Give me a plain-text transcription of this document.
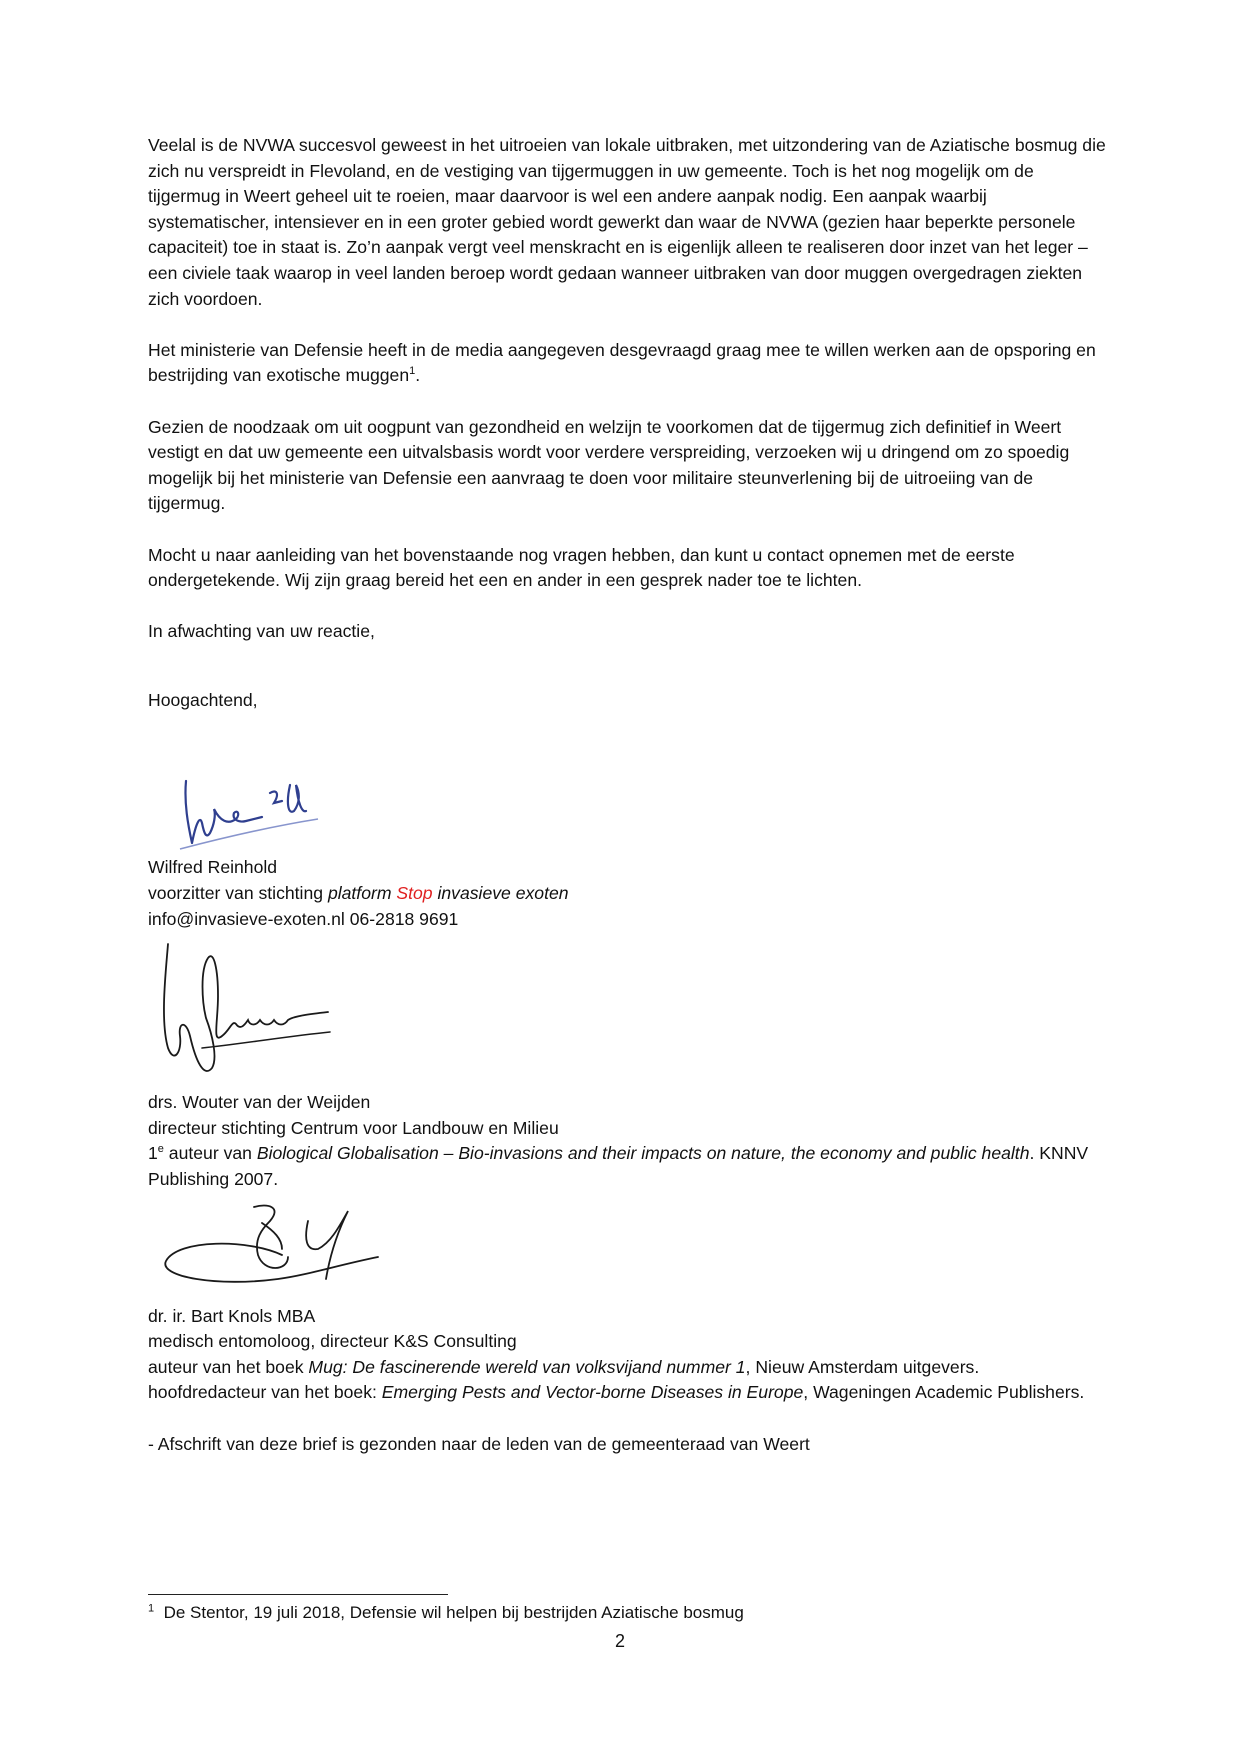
Veelal is de NVWA succesvol geweest in het uitroeien van lokale uitbraken, met uitzondering van de Aziatische bosmug die zich nu verspreidt in Flevoland, en de vestiging van tijgermuggen in uw gemeente. Toch is het nog mogelijk om de tijgermug in Weert geheel uit te roeien, maar daarvoor is wel een andere aanpak nodig. Een aanpak waarbij systematischer, intensiever en in een groter gebied wordt gewerkt dan waar de NVWA (gezien haar beperkte personele capaciteit) toe in staat is. Zo’n aanpak vergt veel menskracht en is eigenlijk alleen te realiseren door inzet van het leger – een civiele taak waarop in veel landen beroep wordt gedaan wanneer uitbraken van door muggen overgedragen ziekten zich voordoen.

Het ministerie van Defensie heeft in de media aangegeven desgevraagd graag mee te willen werken aan de opsporing en bestrijding van exotische muggen$^1$.

Gezien de noodzaak om uit oogpunt van gezondheid en welzijn te voorkomen dat de tijgermug zich definitief in Weert vestigt en dat uw gemeente een uitvalsbasis wordt voor verdere verspreiding, verzoeken wij u dringend om zo spoedig mogelijk bij het ministerie van Defensie een aanvraag te doen voor militaire steunverlening bij de uitroeiing van de tijgermug.

Mocht u naar aanleiding van het bovenstaande nog vragen hebben, dan kunt u contact opnemen met de eerste ondergetekende. Wij zijn graag bereid het een en ander in een gesprek nader toe te lichten.

In afwachting van uw reactie,

Hoogachtend,

Wilfred Reinhold

voorzitter van stichting platform Stop invasieve exoten

info@invasieve-exoten.nl 06-2818 9691

drs. Wouter van der Weijden

directeur stichting Centrum voor Landbouw en Milieu

1e auteur van Biological Globalisation – Bio-invasions and their impacts on nature, the economy and public health. KNNV Publishing 2007.

dr. ir. Bart Knols MBA

medisch entomoloog, directeur K&S Consulting

auteur van het boek Mug: De fascinerende wereld van volksvijand nummer 1, Nieuw Amsterdam uitgevers.

hoofdredacteur van het boek: Emerging Pests and Vector-borne Diseases in Europe, Wageningen Academic Publishers.

- Afschrift van deze brief is gezonden naar de leden van de gemeenteraad van Weert

$^1$ De Stentor, 19 juli 2018, Defensie wil helpen bij bestrijden Aziatische bosmug
2
